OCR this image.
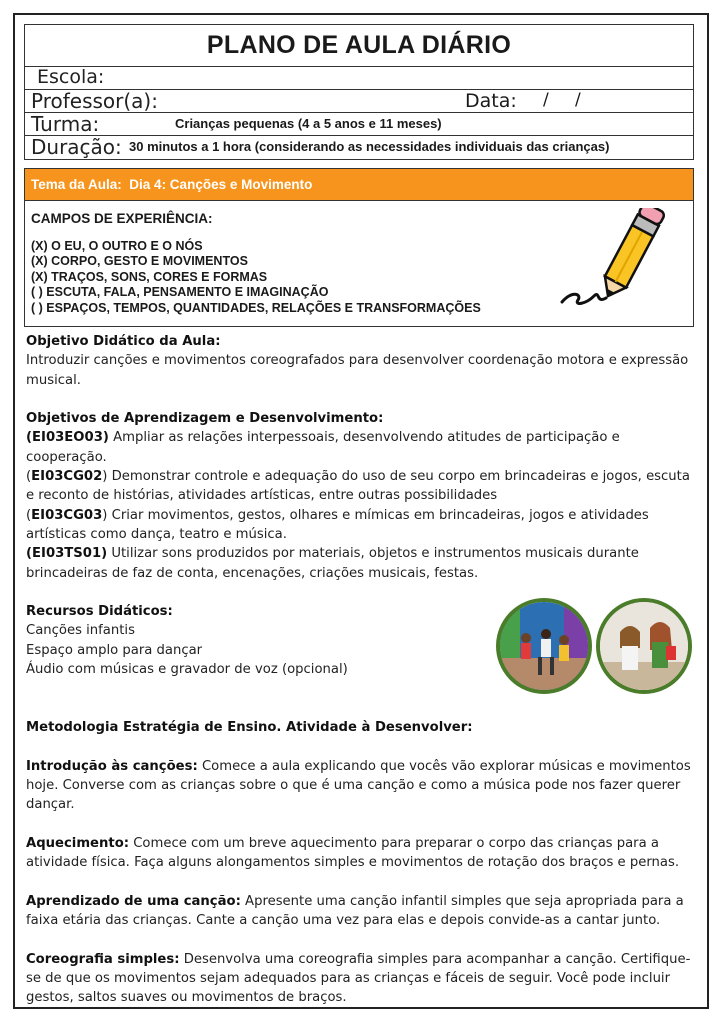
PLANO DE AULA DIÁRIO
Escola:
Professor(a):	Data: / /
Turma:	Crianças pequenas (4 a 5 anos e 11 meses)
Duração: 30 minutos a 1 hora (considerando as necessidades individuais das crianças)
Tema da Aula:
Dia 4: Canções e Movimento
CAMPOS DE EXPERIÊNCIA:
(X) O EU, O OUTRO E O NÓS
(X) CORPO, GESTO E MOVIMENTOS
(X) TRAÇOS, SONS, CORES E FORMAS
( ) ESCUTA, FALA, PENSAMENTO E IMAGINAÇÃO
( ) ESPAÇOS, TEMPOS, QUANTIDADES, RELAÇÕES E TRANSFORMAÇÕES

Objetivo Didático da Aula:

Introduzir canções e movimentos coreografados para desenvolver coordenação motora e expressão musical.

Objetivos de Aprendizagem e Desenvolvimento:

(EI03EO03) Ampliar as relações interpessoais, desenvolvendo atitudes de participação e cooperação.

(EI03CG02) Demonstrar controle e adequação do uso de seu corpo em brincadeiras e jogos, escuta e reconto de histórias, atividades artísticas, entre outras possibilidades

(EI03CG03) Criar movimentos, gestos, olhares e mímicas em brincadeiras, jogos e atividades artísticas como dança, teatro e música.

(EI03TS01) Utilizar sons produzidos por materiais, objetos e instrumentos musicais durante brincadeiras de faz de conta, encenações, criações musicais, festas.

Recursos Didáticos:

Canções infantis

Espaço amplo para dançar

Áudio com músicas e gravador de voz (opcional)

Metodologia Estratégia de Ensino. Atividade à Desenvolver:

Introdução às canções: Comece a aula explicando que vocês vão explorar músicas e movimentos hoje. Converse com as crianças sobre o que é uma canção e como a música pode nos fazer querer dançar.

Aquecimento: Comece com um breve aquecimento para preparar o corpo das crianças para a atividade física. Faça alguns alongamentos simples e movimentos de rotação dos braços e pernas.

Aprendizado de uma canção: Apresente uma canção infantil simples que seja apropriada para a faixa etária das crianças. Cante a canção uma vez para elas e depois convide-as a cantar junto.

Coreografia simples: Desenvolva uma coreografia simples para acompanhar a canção. Certifique-se de que os movimentos sejam adequados para as crianças e fáceis de seguir. Você pode incluir gestos, saltos suaves ou movimentos de braços.
